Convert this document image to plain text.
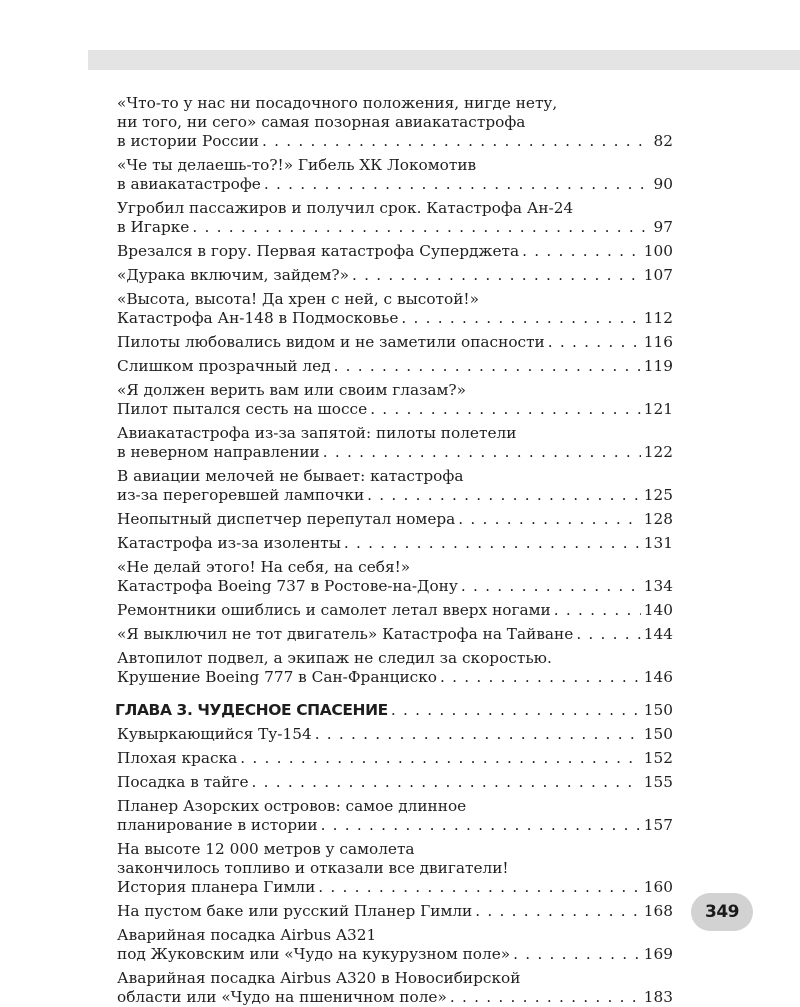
«Что-то у нас ни посадочного положения, нигде нету,
ни того, ни сего» самая позорная авиакатастрофа
в истории России . . .	82
«Че ты делаешь-то?!» Гибель ХК Локомотив
в авиакатастрофе . . .	90
Угробил пассажиров и получил срок. Катастрофа Ан-24
в Игарке . . .	97
Врезался в гору. Первая катастрофа Суперджета . . .	100
«Дурака включим, зайдем?» . . .	107
«Высота, высота! Да хрен с ней, с высотой!»
Катастрофа Ан-148 в Подмосковье . . .	112
Пилоты любовались видом и не заметили опасности . . .	116
Слишком прозрачный лед . . .	119
«Я должен верить вам или своим глазам?»
Пилот пытался сесть на шоссе . . .	121
Авиакатастрофа из-за запятой: пилоты полетели
в неверном направлении . . .	122
В авиации мелочей не бывает: катастрофа
из-за перегоревшей лампочки . . .	125
Неопытный диспетчер перепутал номера . . .	128
Катастрофа из-за изоленты . . .	131
«Не делай этого! На себя, на себя!»
Катастрофа Boeing 737 в Ростове-на-Дону . . .	134
Ремонтники ошиблись и самолет летал вверх ногами . . .	140
«Я выключил не тот двигатель» Катастрофа на Тайване . . .	144
Автопилот подвел, а экипаж не следил за скоростью.
Крушение Boeing 777 в Сан-Франциско . . .	146
ГЛАВА 3. ЧУДЕСНОЕ СПАСЕНИЕ . . .	150
Кувыркающийся Ту-154 . . .	150
Плохая краска . . .	152
Посадка в тайге . . .	155
Планер Азорских островов: самое длинное
планирование в истории . . .	157
На высоте 12 000 метров у самолета
закончилось топливо и отказали все двигатели!
История планера Гимли . . .	160
На пустом баке или русский Планер Гимли . . .	168
Аварийная посадка Airbus A321
под Жуковским или «Чудо на кукурузном поле» . . .	169
Аварийная посадка Airbus A320 в Новосибирской
области или «Чудо на пшеничном поле» . . .	183
349
